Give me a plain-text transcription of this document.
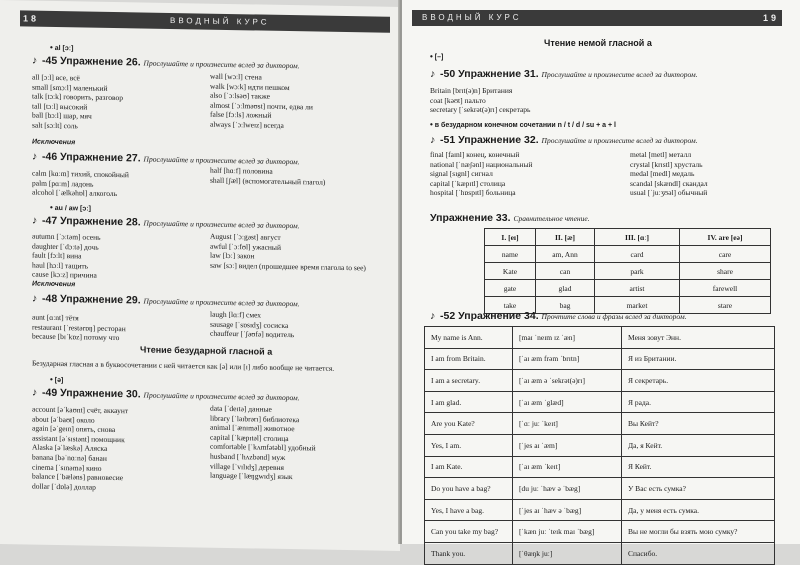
18	ВВОДНЫЙ КУРС
• al [ɔː]
♪ -45 Упражнение 26. Прослушайте и произнесите вслед за диктором.
all [ɔːl] все, всё
small [smɔːl] маленький
talk [tɔːk] говорить, разговор
tall [tɔːl] высокий
ball [bɔːl] шар, мяч
salt [sɔːlt] соль
wall [wɔːl] стена
walk [wɔːk] идти пешком
also [ˈɔːlsəʊ] также
almost [ˈɔːlməʊst] почти, едва ли
false [fɔːls] ложный
always [ˈɔːlweɪz] всегда
Исключения
♪ -46 Упражнение 27. Прослушайте и произнесите вслед за диктором.
calm [kɑːm] тихий, спокойный
palm [pɑːm] ладонь
alcohol [ˈælkəhɒl] алкоголь
half [hɑːf] половина
shall [ʃæl] (вспомогательный глагол)
• au / aw [ɔː]
♪ -47 Упражнение 28. Прослушайте и произнесите вслед за диктором.
autumn [ˈɔːtəm] осень
daughter [ˈdɔːtə] дочь
fault [fɔːlt] вина
haul [hɔːl] тащить
cause [kɔːz] причина
August [ˈɔːgəst] август
awful [ˈɔːfʊl] ужасный
law [lɔː] закон
saw [sɔː] видел (прошедшее время глагола to see)
Исключения
♪ -48 Упражнение 29. Прослушайте и произнесите вслед за диктором.
aunt [ɑːnt] тётя
restaurant [ˈrestərɒŋ] ресторан
because [bɪˈkɒz] потому что
laugh [lɑːf] смех
sausage [ˈsɒsɪdʒ] сосиска
chauffeur [ˈʃəʊfə] водитель
Чтение безударной гласной а
Безударная гласная а в буквосочетании с ней читается как [ə] или [ɪ] либо вообще не читается.
• [ə]
♪ -49 Упражнение 30. Прослушайте и произнесите вслед за диктором.
account [əˈkaʊnt] счёт, аккаунт
about [əˈbaʊt] около
again [əˈgeɪn] опять, снова
assistant [əˈsɪstənt] помощник
Alaska [əˈlæskə] Аляска
banana [bəˈnɑːnə] банан
cinema [ˈsɪnəmə] кино
balance [ˈbæləns] равновесие
dollar [ˈdɒlə] доллар
data [ˈdeɪtə] данные
library [ˈlaɪbrərɪ] библиотека
animal [ˈænɪməl] животное
capital [ˈkæpɪtəl] столица
comfortable [ˈkʌmfətəbl] удобный
husband [ˈhʌzbənd] муж
village [ˈvɪlɪdʒ] деревня
language [ˈlæŋgwɪdʒ] язык
ВВОДНЫЙ КУРС	19
Чтение немой гласной а
• [–]
♪ -50 Упражнение 31. Прослушайте и произнесите вслед за диктором.
Britain [brɪt(ə)n] Британия
coat [kəʊt] пальто
secretary [ˈsekrət(ə)rɪ] секретарь
• в безударном конечном сочетании n / t / d / su + a + l
♪ -51 Упражнение 32. Прослушайте и произнесите вслед за диктором.
final [faɪnl] конец, конечный
national [ˈnæʃənl] национальный
signal [sɪgnl] сигнал
capital [ˈkæpɪtl] столица
hospital [ˈhɒspɪtl] больница
metal [metl] металл
crystal [krɪstl] хрусталь
medal [medl] медаль
scandal [skændl] скандал
usual [ˈjuːʒʊəl] обычный
Упражнение 33. Сравнительное чтение.
I. [eɪ]	II. [æ]	III. [ɑː]	IV. are [eə]
name	am, Ann	card	care
Kate	can	park	share
gate	glad	artist	farewell
take	bag	market	stare
♪ -52 Упражнение 34. Прочтите слова и фразы вслед за диктором.
My name is Ann.	[maɪ ˈneɪm ɪz ˈæn]	Меня зовут Энн.
I am from Britain.	[ˈaɪ æm frəm ˈbrɪtn]	Я из Британии.
I am a secretary.	[ˈaɪ æm ə ˈsekrət(ə)rɪ]	Я секретарь.
I am glad.	[ˈaɪ æm ˈglæd]	Я рада.
Are you Kate?	[ˈɑː juː ˈkeɪt]	Вы Кейт?
Yes, I am.	[ˈjes aɪ ˈæm]	Да, я Кейт.
I am Kate.	[ˈaɪ æm ˈkeɪt]	Я Кейт.
Do you have a bag?	[du juː ˈhæv ə ˈbæg]	У Вас есть сумка?
Yes, I have a bag.	[ˈjes aɪ ˈhæv ə ˈbæg]	Да, у меня есть сумка.
Can you take my bag?	[ˈkæn juː ˈteɪk maɪ ˈbæg]	Вы не могли бы взять мою сумку?
Thank you.	[ˈθæŋk juː]	Спасибо.
